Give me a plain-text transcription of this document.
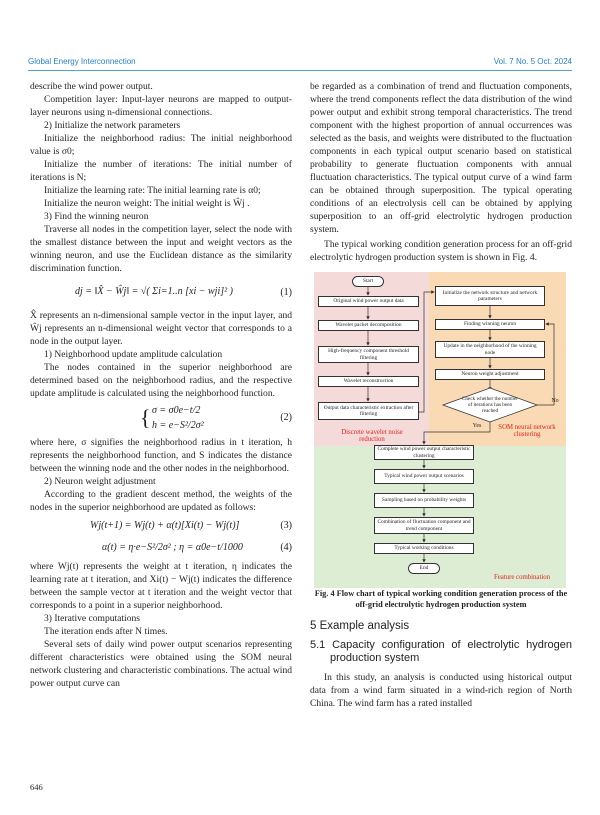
Global Energy Interconnection	Vol. 7 No. 5 Oct. 2024

describe the wind power output.

Competition layer: Input-layer neurons are mapped to output-layer neurons using n-dimensional connections.

2) Initialize the network parameters

Initialize the neighborhood radius: The initial neighborhood value is σ0;

Initialize the number of iterations: The initial number of iterations is N;

Initialize the learning rate: The initial learning rate is α0;

Initialize the neuron weight: The initial weight is Ŵj .

3) Find the winning neuron

Traverse all nodes in the competition layer, select the node with the smallest distance between the input and weight vectors as the winning neuron, and use the Euclidean distance as the similarity discrimination function.

dj = ‖X̂ − Ŵj‖ = √( Σi=1..n [xi − wji]² )	(1)

X̂ represents an n-dimensional sample vector in the input layer, and Ŵj represents an n-dimensional weight vector that corresponds to a node in the output layer.

1) Neighborhood update amplitude calculation

The nodes contained in the superior neighborhood are determined based on the neighborhood radius, and the respective update amplitude is calculated using the neighborhood function.

{ σ = σ0e−t/2
h = e−S²/2σ²
(2)

where here, σ signifies the neighborhood radius in t iteration, h represents the neighborhood function, and S indicates the distance between the winning node and the other nodes in the neighborhood.

2) Neuron weight adjustment

According to the gradient descent method, the weights of the nodes in the superior neighborhood are updated as follows:

Wj(t+1) = Wj(t) + α(t)[Xi(t) − Wj(t)]	(3)
α(t) = η·e−S²/2σ² ; η = α0e−t/1000	(4)

where Wj(t) represents the weight at t iteration, η indicates the learning rate at t iteration, and Xi(t) − Wj(t) indicates the difference between the sample vector at t iteration and the weight vector that corresponds to a point in a superior neighborhood.

3) Iterative computations

The iteration ends after N times.

Several sets of daily wind power output scenarios representing different characteristics were obtained using the SOM neural network clustering and characteristic combinations. The actual wind power output curve can

be regarded as a combination of trend and fluctuation components, where the trend components reflect the data distribution of the wind power output and exhibit strong temporal characteristics. The trend component with the highest proportion of annual occurrences was selected as the basis, and weights were distributed to the fluctuation components in each typical output scenario based on statistical probability to generate fluctuation components with annual fluctuation characteristics. The typical output curve of a wind farm can be obtained through superposition. The typical operating conditions of an electrolysis cell can be obtained by applying superposition to an off-grid electrolytic hydrogen production system.

The typical working condition generation process for an off-grid electrolytic hydrogen production system is shown in Fig. 4.

Start
Original wind power output data
Wavelet packet decomposition
High-frequency component threshold filtering
Wavelet reconstruction
Output data characteristic extraction after filtering
Discrete wavelet noise reduction
Initialize the network structure and network parameters
Finding winning neuron
Update in the neighborhood of the winning node
Neuron weight adjustment
Check whether the number of iterations has been reached
No
Yes	SOM neural network clustering
Complete wind power output characteristic clustering
Typical wind power output scenarios
Sampling based on probability weights
Combination of fluctuation component and trend component
Typical working conditions
End
Feature combination

Fig. 4 Flow chart of typical working condition generation process of the off-grid electrolytic hydrogen production system

5 Example analysis
5.1 Capacity configuration of electrolytic hydrogen production system

In this study, an analysis is conducted using historical output data from a wind farm situated in a wind-rich region of North China. The wind farm has a rated installed

646
